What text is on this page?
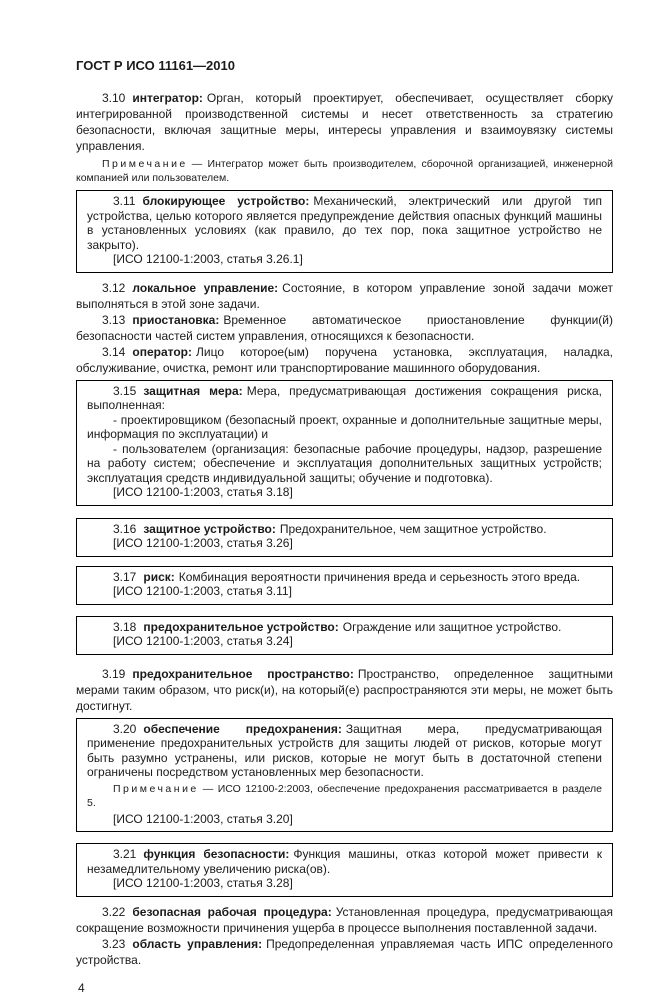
ГОСТ Р ИСО 11161—2010

3.10 интегратор: Орган, который проектирует, обеспечивает, осуществляет сборку интегрированной производственной системы и несет ответственность за стратегию безопасности, включая защитные меры, интересы управления и взаимоувязку системы управления.

Примечание — Интегратор может быть производителем, сборочной организацией, инженерной компанией или пользователем.

3.11 блокирующее устройство: Механический, электрический или другой тип устройства, целью которого является предупреждение действия опасных функций машины в установленных условиях (как правило, до тех пор, пока защитное устройство не закрыто).

[ИСО 12100-1:2003, статья 3.26.1]

3.12 локальное управление: Состояние, в котором управление зоной задачи может выполняться в этой зоне задачи.

3.13 приостановка: Временное автоматическое приостановление функции(й) безопасности частей систем управления, относящихся к безопасности.

3.14 оператор: Лицо которое(ым) поручена установка, эксплуатация, наладка, обслуживание, очистка, ремонт или транспортирование машинного оборудования.

3.15 защитная мера: Мера, предусматривающая достижения сокращения риска, выполненная:

- проектировщиком (безопасный проект, охранные и дополнительные защитные меры, информация по эксплуатации) и

- пользователем (организация: безопасные рабочие процедуры, надзор, разрешение на работу систем; обеспечение и эксплуатация дополнительных защитных устройств; эксплуатация средств индивидуальной защиты; обучение и подготовка).

[ИСО 12100-1:2003, статья 3.18]

3.16 защитное устройство: Предохранительное, чем защитное устройство.

[ИСО 12100-1:2003, статья 3.26]

3.17 риск: Комбинация вероятности причинения вреда и серьезность этого вреда.

[ИСО 12100-1:2003, статья 3.11]

3.18 предохранительное устройство: Ограждение или защитное устройство.

[ИСО 12100-1:2003, статья 3.24]

3.19 предохранительное пространство: Пространство, определенное защитными мерами таким образом, что риск(и), на который(е) распространяются эти меры, не может быть достигнут.

3.20 обеспечение предохранения: Защитная мера, предусматривающая применение предохранительных устройств для защиты людей от рисков, которые могут быть разумно устранены, или рисков, которые не могут быть в достаточной степени ограничены посредством установленных мер безопасности.

Примечание — ИСО 12100-2:2003, обеспечение предохранения рассматривается в разделе 5.

[ИСО 12100-1:2003, статья 3.20]

3.21 функция безопасности: Функция машины, отказ которой может привести к незамедлительному увеличению риска(ов).

[ИСО 12100-1:2003, статья 3.28]

3.22 безопасная рабочая процедура: Установленная процедура, предусматривающая сокращение возможности причинения ущерба в процессе выполнения поставленной задачи.

3.23 область управления: Предопределенная управляемая часть ИПС определенного устройства.

4
